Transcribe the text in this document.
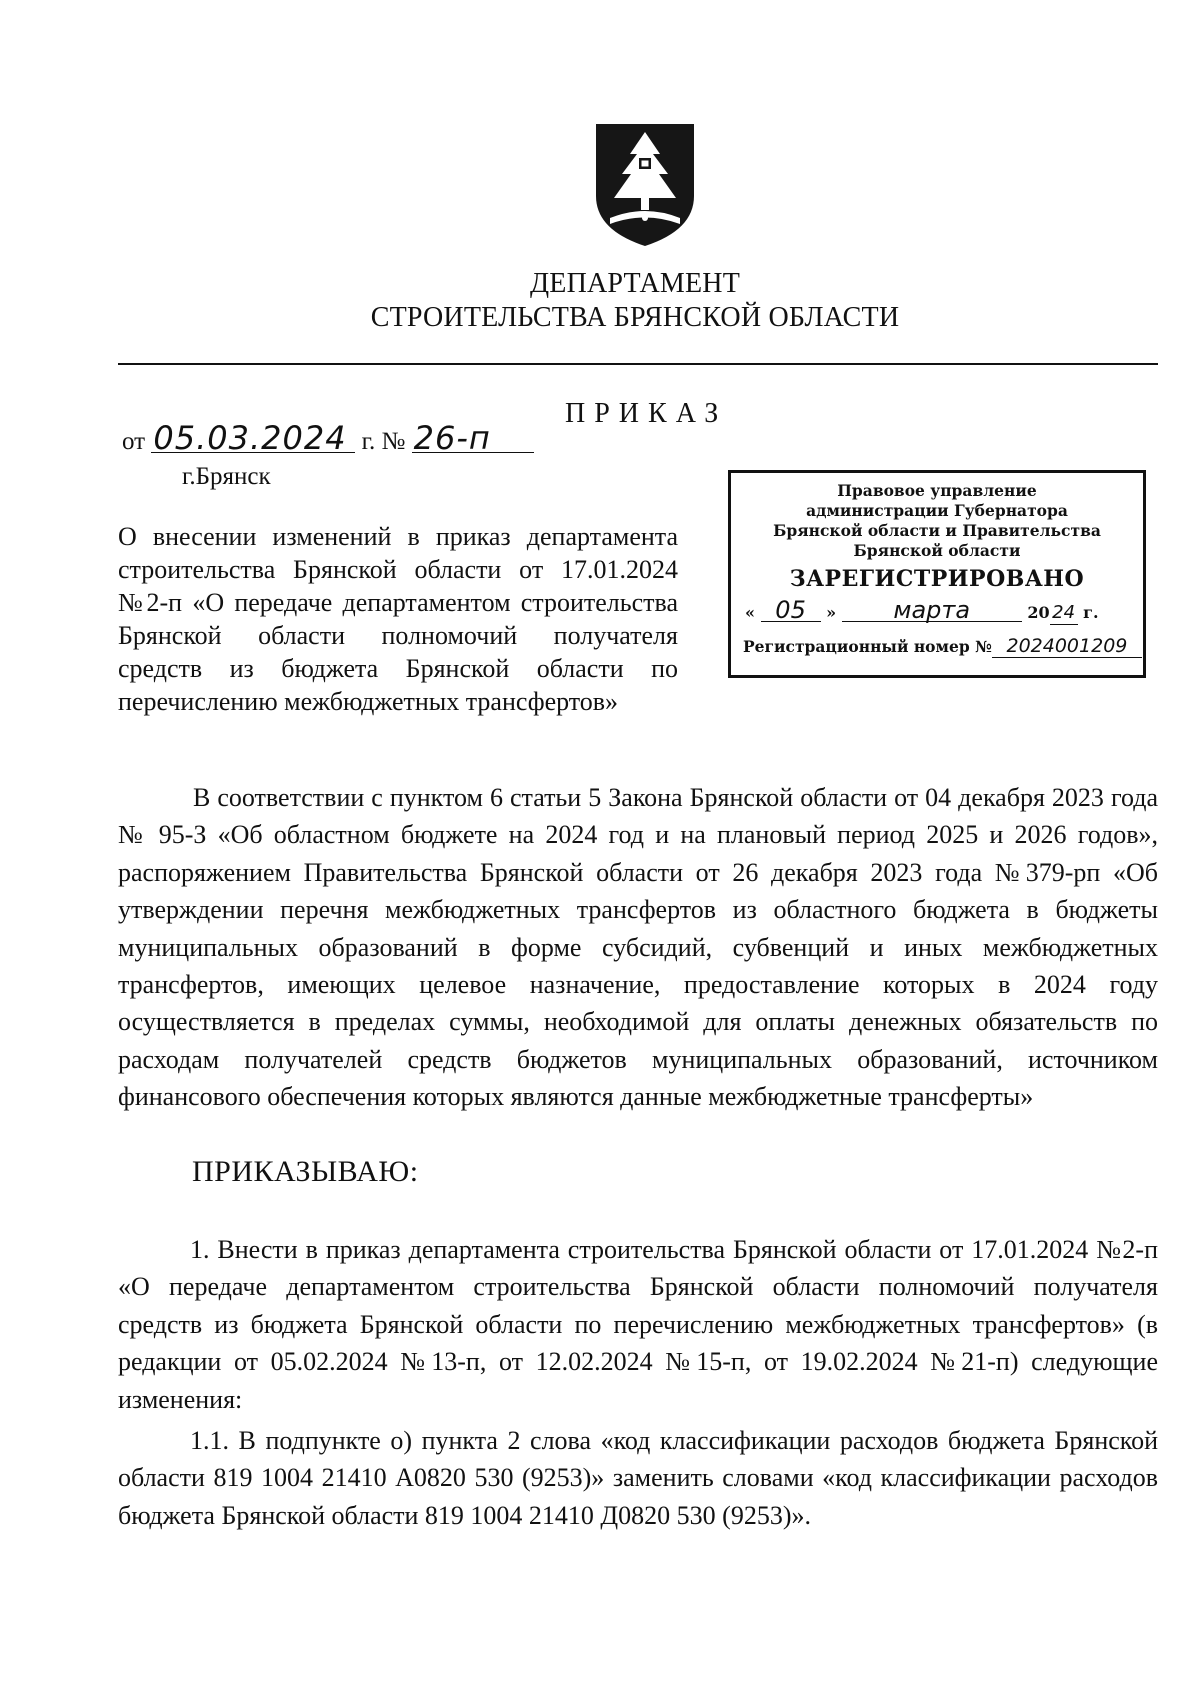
ДЕПАРТАМЕНТ
СТРОИТЕЛЬСТВА БРЯНСКОЙ ОБЛАСТИ
ПРИКАЗ
от 05.03.2024 г. № 26-п
г.Брянск
Правовое управление
администрации Губернатора
Брянской области и Правительства
Брянской области
ЗАРЕГИСТРИРОВАНО
« 05 » марта	20 24 г.
Регистрационный номер № 2024001209
О внесении изменений в приказ департамента строительства Брянской области от 17.01.2024 №2-п «О передаче департаментом строительства Брянской области полномочий получателя средств из бюджета Брянской области по перечислению межбюджетных трансфертов»
В соответствии с пунктом 6 статьи 5 Закона Брянской области от 04 декабря 2023 года № 95-З «Об областном бюджете на 2024 год и на плановый период 2025 и 2026 годов», распоряжением Правительства Брянской области от 26 декабря 2023 года №379-рп «Об утверждении перечня межбюджетных трансфертов из областного бюджета в бюджеты муниципальных образований в форме субсидий, субвенций и иных межбюджетных трансфертов, имеющих целевое назначение, предоставление которых в 2024 году осуществляется в пределах суммы, необходимой для оплаты денежных обязательств по расходам получателей средств бюджетов муниципальных образований, источником финансового обеспечения которых являются данные межбюджетные трансферты»
ПРИКАЗЫВАЮ:
1. Внести в приказ департамента строительства Брянской области от 17.01.2024 №2-п «О передаче департаментом строительства Брянской области полномочий получателя средств из бюджета Брянской области по перечислению межбюджетных трансфертов» (в редакции от 05.02.2024 №13-п, от 12.02.2024 №15-п, от 19.02.2024 №21-п) следующие изменения:
1.1. В подпункте о) пункта 2 слова «код классификации расходов бюджета Брянской области 819 1004 21410 А0820 530 (9253)» заменить словами «код классификации расходов бюджета Брянской области 819 1004 21410 Д0820 530 (9253)».
